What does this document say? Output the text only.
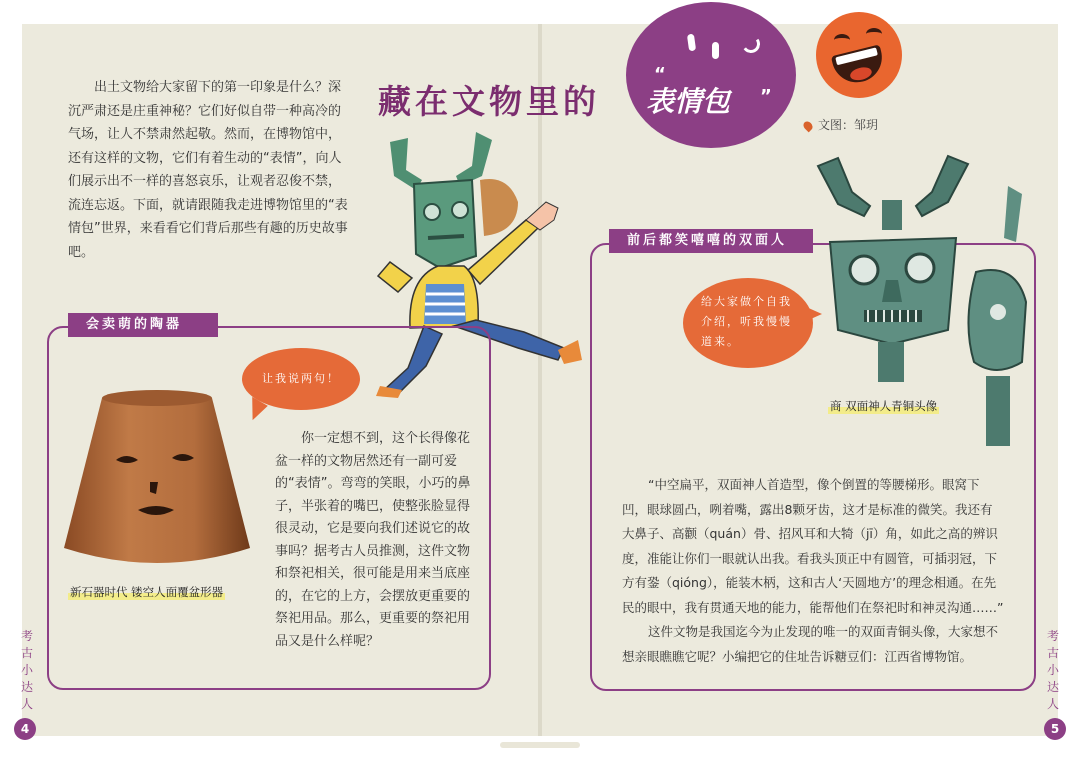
出土文物给大家留下的第一印象是什么？深沉严肃还是庄重神秘？它们好似自带一种高冷的气场，让人不禁肃然起敬。然而，在博物馆中，还有这样的文物，它们有着生动的“表情”，向人们展示出不一样的喜怒哀乐，让观者忍俊不禁，流连忘返。下面，就请跟随我走进博物馆里的“表情包”世界，来看看它们背后那些有趣的历史故事吧。

藏在文物里的
“
”
表情包
文图：邹玥
会卖萌的陶器
让我说两句！
新石器时代 镂空人面覆盆形器

你一定想不到，这个长得像花盆一样的文物居然还有一副可爱的“表情”。弯弯的笑眼，小巧的鼻子，半张着的嘴巴，使整张脸显得很灵动，它是要向我们述说它的故事吗？据考古人员推测，这件文物和祭祀相关，很可能是用来当底座的，在它的上方，会摆放更重要的祭祀用品。那么，更重要的祭祀用品又是什么样呢？

前后都笑嘻嘻的双面人
给大家做个自我介绍，听我慢慢道来。
商 双面神人青铜头像

“中空扁平，双面神人首造型，像个倒置的等腰梯形。眼窝下凹，眼球圆凸，咧着嘴，露出8颗牙齿，这才是标准的微笑。我还有大鼻子、高颧（quán）骨、招风耳和大犄（jī）角，如此之高的辨识度，准能让你们一眼就认出我。看我头顶正中有圆管，可插羽冠，下方有銎（qióng），能装木柄，这和古人‘天圆地方’的理念相通。在先民的眼中，我有贯通天地的能力，能帮他们在祭祀时和神灵沟通……”

这件文物是我国迄今为止发现的唯一的双面青铜头像，大家想不想亲眼瞧瞧它呢？小编把它的住址告诉糖豆们：江西省博物馆。

考古小达人
考古小达人
4	5
